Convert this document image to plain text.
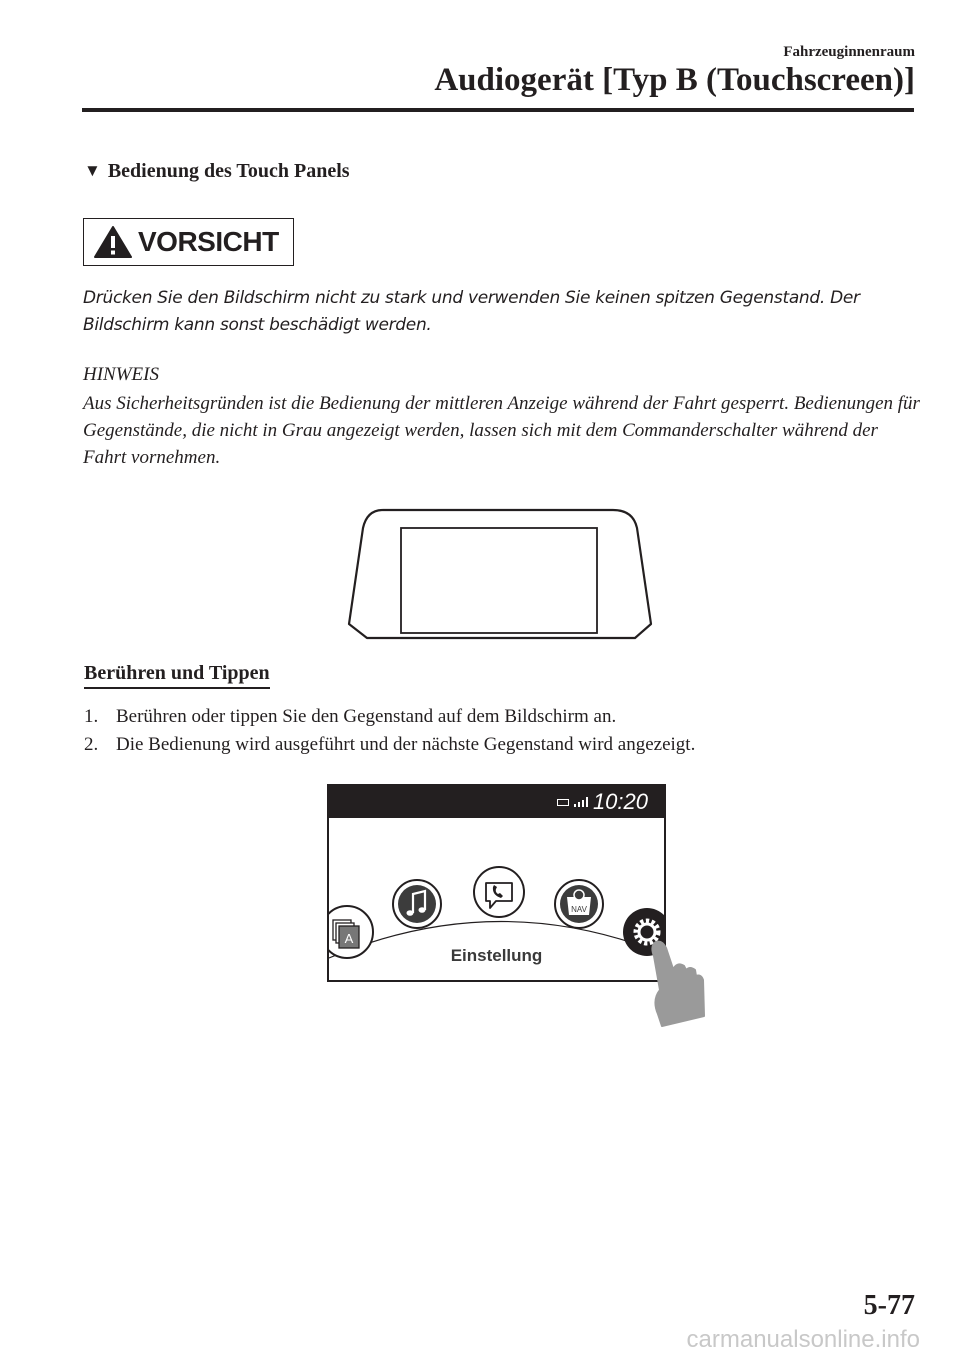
Fahrzeuginnenraum
Audiogerät [Typ B (Touchscreen)]
▼ Bedienung des Touch Panels
VORSICHT
Drücken Sie den Bildschirm nicht zu stark und verwenden Sie keinen spitzen Gegenstand. Der Bildschirm kann sonst beschädigt werden.
HINWEIS
Aus Sicherheitsgründen ist die Bedienung der mittleren Anzeige während der Fahrt gesperrt. Bedienungen für Gegenstände, die nicht in Grau angezeigt werden, lassen sich mit dem Commanderschalter während der Fahrt vornehmen.
Berühren und Tippen
1. Berühren oder tippen Sie den Gegenstand auf dem Bildschirm an.
2. Die Bedienung wird ausgeführt und der nächste Gegenstand wird angezeigt.
10:20
A
NAV
Einstellung
5-77
carmanualsonline.info
